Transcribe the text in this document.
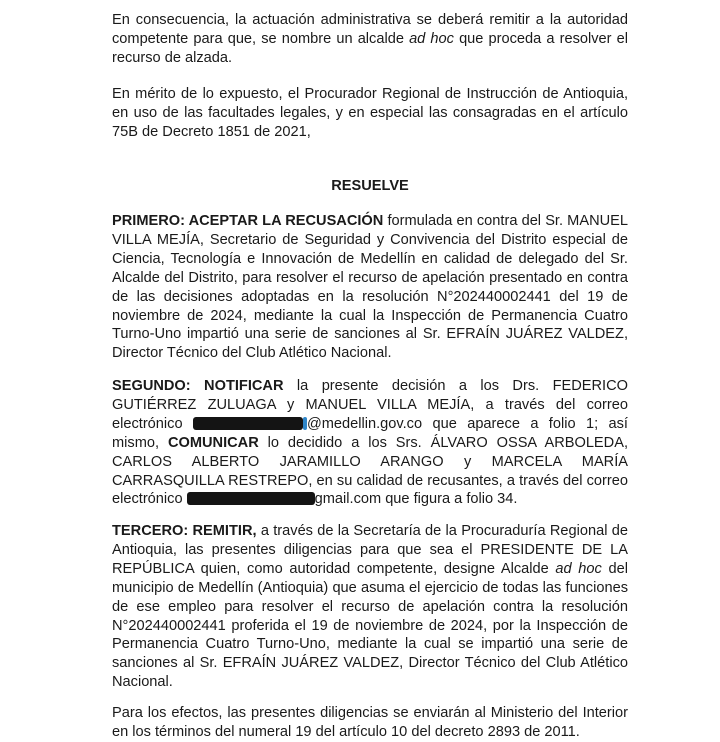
En consecuencia, la actuación administrativa se deberá remitir a la autoridad competente para que, se nombre un alcalde ad hoc que proceda a resolver el recurso de alzada.

En mérito de lo expuesto, el Procurador Regional de Instrucción de Antioquia, en uso de las facultades legales, y en especial las consagradas en el artículo 75B de Decreto 1851 de 2021,

RESUELVE

PRIMERO: ACEPTAR LA RECUSACIÓN formulada en contra del Sr. MANUEL VILLA MEJÍA, Secretario de Seguridad y Convivencia del Distrito especial de Ciencia, Tecnología e Innovación de Medellín en calidad de delegado del Sr. Alcalde del Distrito, para resolver el recurso de apelación presentado en contra de las decisiones adoptadas en la resolución N°202440002441 del 19 de noviembre de 2024, mediante la cual la Inspección de Permanencia Cuatro Turno-Uno impartió una serie de sanciones al Sr. EFRAÍN JUÁREZ VALDEZ, Director Técnico del Club Atlético Nacional.

SEGUNDO: NOTIFICAR la presente decisión a los Drs. FEDERICO GUTIÉRREZ ZULUAGA y MANUEL VILLA MEJÍA, a través del correo electrónico	@medellin.gov.co que aparece a folio 1; así mismo, COMUNICAR lo decidido a los Srs. ÁLVARO OSSA ARBOLEDA, CARLOS ALBERTO JARAMILLO ARANGO y MARCELA MARÍA CARRASQUILLA RESTREPO, en su calidad de recusantes, a través del correo electrónico	gmail.com que figura a folio 34.

TERCERO: REMITIR, a través de la Secretaría de la Procuraduría Regional de Antioquia, las presentes diligencias para que sea el PRESIDENTE DE LA REPÚBLICA quien, como autoridad competente, designe Alcalde ad hoc del municipio de Medellín (Antioquia) que asuma el ejercicio de todas las funciones de ese empleo para resolver el recurso de apelación contra la resolución N°202440002441 proferida el 19 de noviembre de 2024, por la Inspección de Permanencia Cuatro Turno-Uno, mediante la cual se impartió una serie de sanciones al Sr. EFRAÍN JUÁREZ VALDEZ, Director Técnico del Club Atlético Nacional.

Para los efectos, las presentes diligencias se enviarán al Ministerio del Interior en los términos del numeral 19 del artículo 10 del decreto 2893 de 2011.
